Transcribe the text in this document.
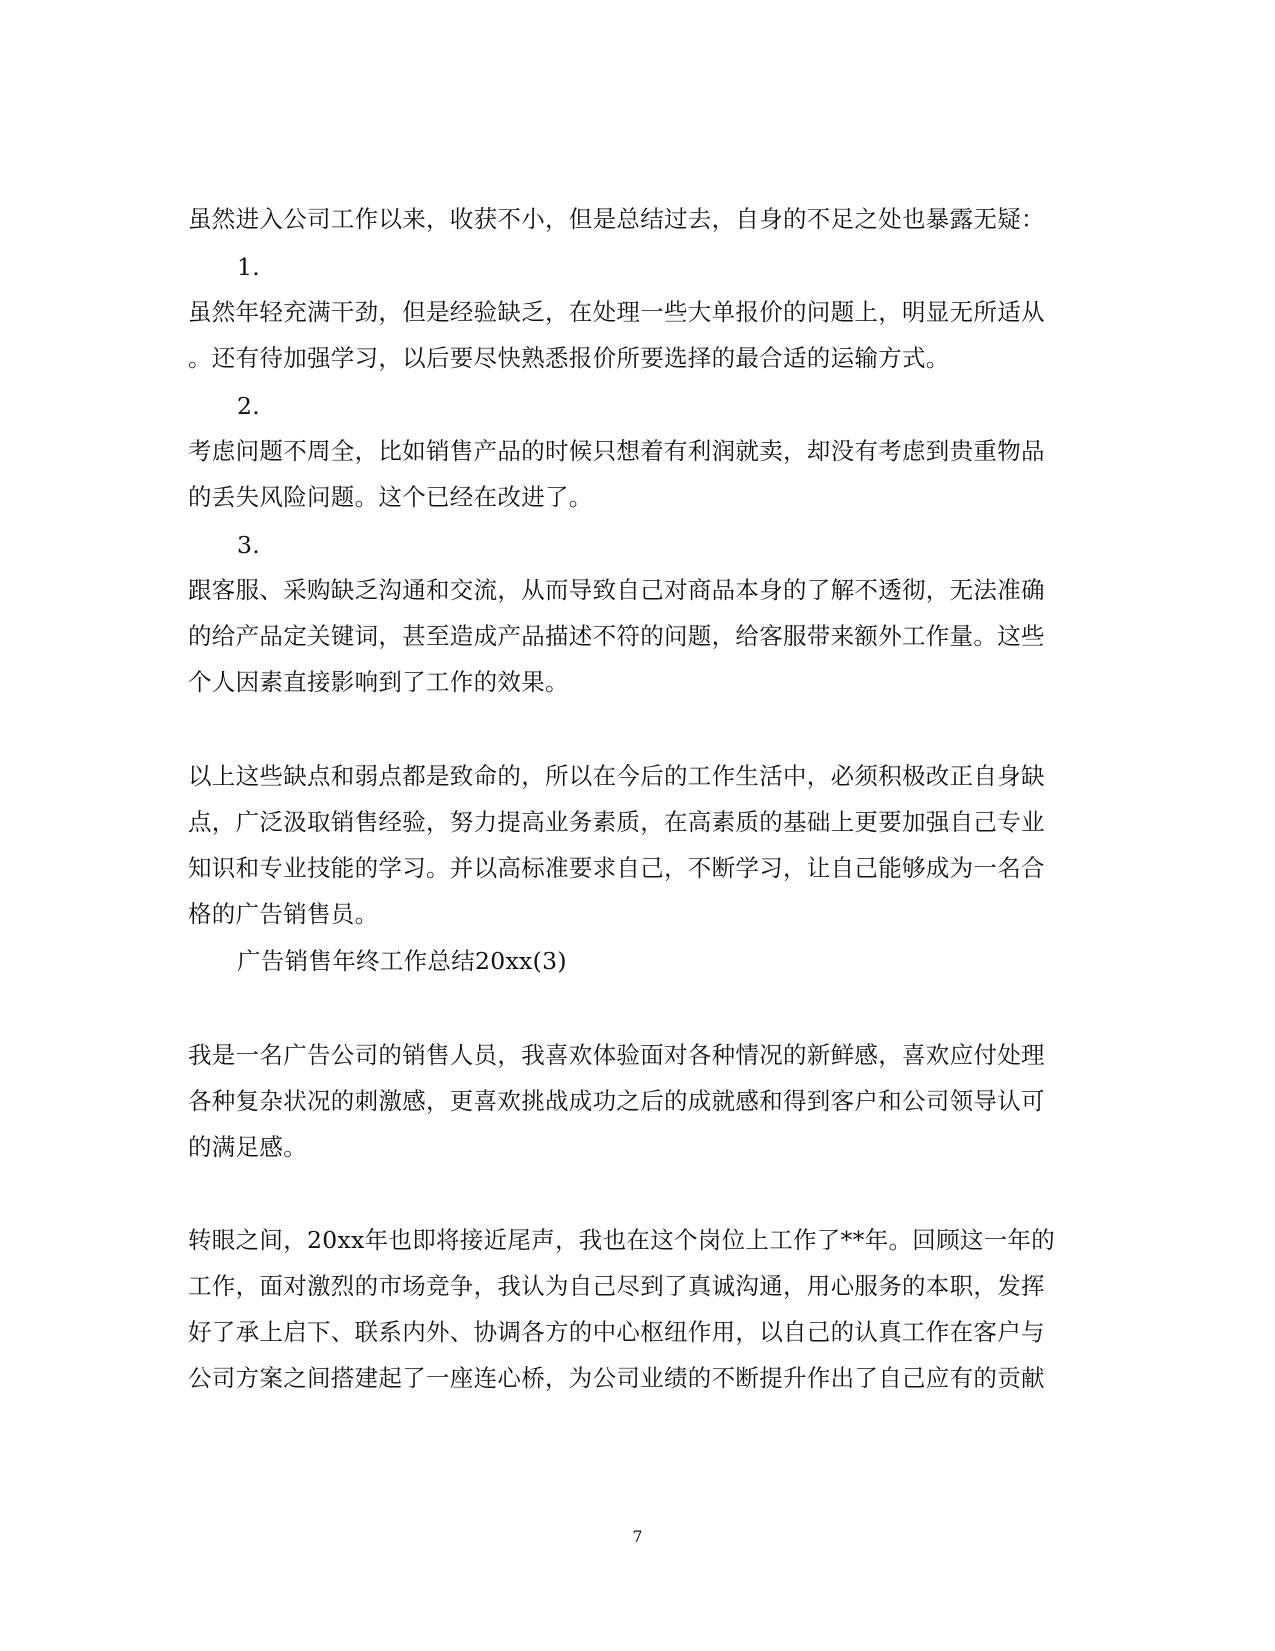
虽然进入公司工作以来，收获不小，但是总结过去，自身的不足之处也暴露无疑：
1.
虽然年轻充满干劲，但是经验缺乏，在处理一些大单报价的问题上，明显无所适从
。还有待加强学习，以后要尽快熟悉报价所要选择的最合适的运输方式。
2.
考虑问题不周全，比如销售产品的时候只想着有利润就卖，却没有考虑到贵重物品
的丢失风险问题。这个已经在改进了。
3.
跟客服、采购缺乏沟通和交流，从而导致自己对商品本身的了解不透彻，无法准确
的给产品定关键词，甚至造成产品描述不符的问题，给客服带来额外工作量。这些
个人因素直接影响到了工作的效果。
以上这些缺点和弱点都是致命的，所以在今后的工作生活中，必须积极改正自身缺
点，广泛汲取销售经验，努力提高业务素质，在高素质的基础上更要加强自己专业
知识和专业技能的学习。并以高标准要求自己，不断学习，让自己能够成为一名合
格的广告销售员。
广告销售年终工作总结20xx(3)
我是一名广告公司的销售人员，我喜欢体验面对各种情况的新鲜感，喜欢应付处理
各种复杂状况的刺激感，更喜欢挑战成功之后的成就感和得到客户和公司领导认可
的满足感。
转眼之间，20xx年也即将接近尾声，我也在这个岗位上工作了**年。回顾这一年的
工作，面对激烈的市场竞争，我认为自己尽到了真诚沟通，用心服务的本职，发挥
好了承上启下、联系内外、协调各方的中心枢纽作用，以自己的认真工作在客户与
公司方案之间搭建起了一座连心桥，为公司业绩的不断提升作出了自己应有的贡献
7
